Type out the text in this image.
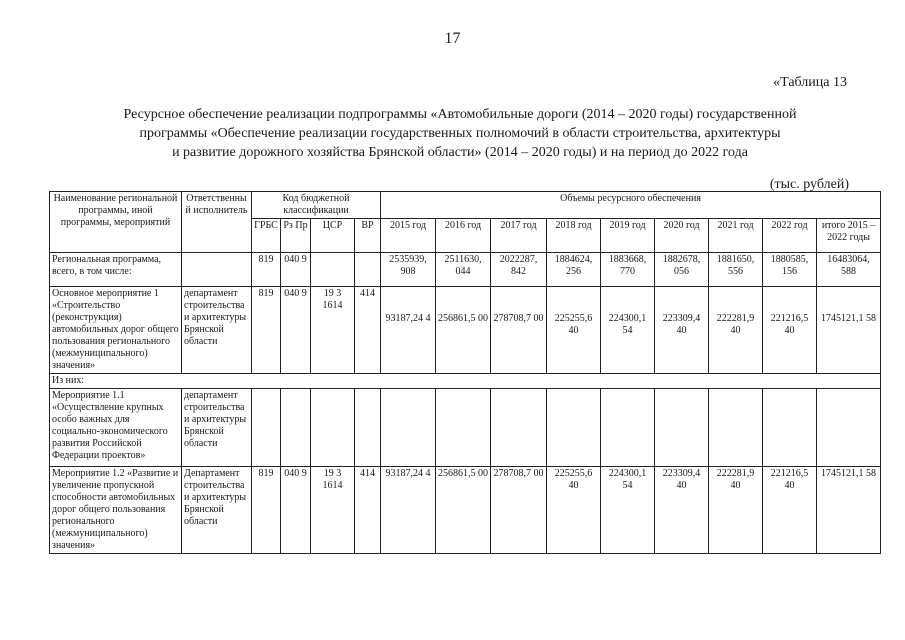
17
«Таблица 13
Ресурсное обеспечение реализации подпрограммы «Автомобильные дороги (2014 – 2020 годы) государственной
программы «Обеспечение реализации государственных полномочий в области строительства, архитектуры
и развитие дорожного хозяйства Брянской области» (2014 – 2020 годы) и на период до 2022 года
(тыс. рублей)
Наименование региональной программы, иной программы, мероприятий	Ответственный исполнитель	Код бюджетной классификации				Объемы ресурсного обеспечения								
		ГРБС	Рз Пр	ЦСР	ВР	2015 год	2016 год	2017 год	2018 год	2019 год	2020 год	2021 год	2022 год	итого 2015 – 2022 годы
Региональная программа, всего, в том числе:		819	040 9			2535939, 908	2511630, 044	2022287, 842	1884624, 256	1883668, 770	1882678, 056	1881650, 556	1880585, 156	16483064, 588
Основное мероприятие 1 «Строительство (реконструкция) автомобильных дорог общего пользования регионального (межмуниципального) значения»	департамент строительства и архитектуры Брянской области	819	040 9	19 3 1614	414	93187,24 4	256861,5 00	278708,7 00	225255,6 40	224300,1 54	223309,4 40	222281,9 40	221216,5 40	1745121,1 58
Из них:														
Мероприятие 1.1 «Осуществление крупных особо важных для социально-экономического развития Российской Федерации проектов»	департамент строительства и архитектуры Брянской области													
Мероприятие 1.2 «Развитие и увеличение пропускной способности автомобильных дорог общего пользования регионального (межмуниципального) значения»	Департамент строительства и архитектуры Брянской области	819	040 9	19 3 1614	414	93187,24 4	256861,5 00	278708,7 00	225255,6 40	224300,1 54	223309,4 40	222281,9 40	221216,5 40	1745121,1 58
